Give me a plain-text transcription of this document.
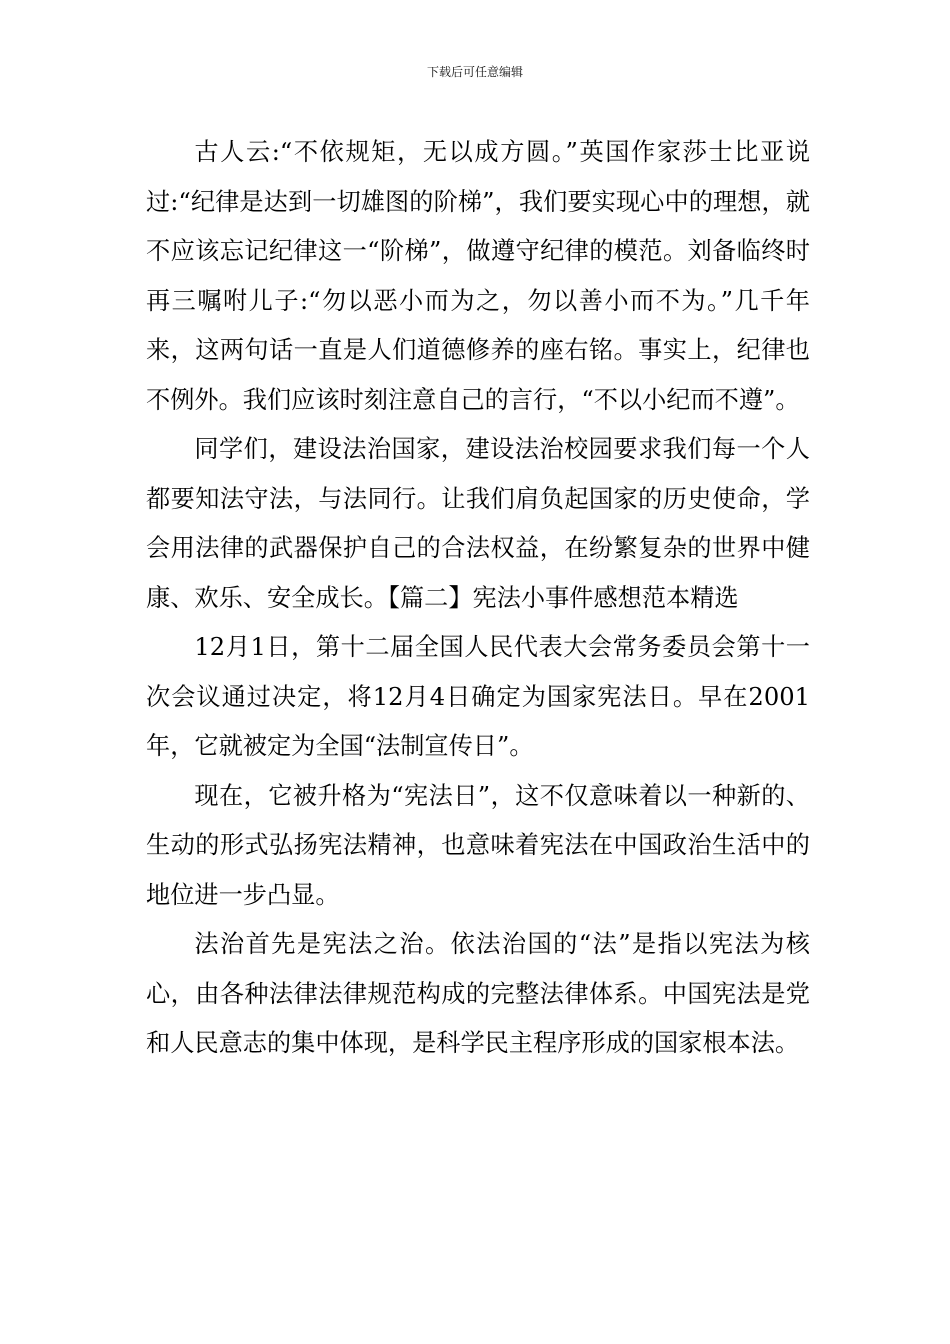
下载后可任意编辑

古人云:“不依规矩，无以成方圆。”英国作家莎士比亚说过:“纪律是达到一切雄图的阶梯”，我们要实现心中的理想，就不应该忘记纪律这一“阶梯”，做遵守纪律的模范。刘备临终时再三嘱咐儿子:“勿以恶小而为之，勿以善小而不为。”几千年来，这两句话一直是人们道德修养的座右铭。事实上，纪律也不例外。我们应该时刻注意自己的言行，“不以小纪而不遵”。

同学们，建设法治国家，建设法治校园要求我们每一个人都要知法守法，与法同行。让我们肩负起国家的历史使命，学会用法律的武器保护自己的合法权益，在纷繁复杂的世界中健康、欢乐、安全成长。【篇二】宪法小事件感想范本精选

12月1日，第十二届全国人民代表大会常务委员会第十一次会议通过决定，将12月4日确定为国家宪法日。早在2001年，它就被定为全国“法制宣传日”。

现在，它被升格为“宪法日”，这不仅意味着以一种新的、生动的形式弘扬宪法精神，也意味着宪法在中国政治生活中的地位进一步凸显。

法治首先是宪法之治。依法治国的“法”是指以宪法为核心，由各种法律法律规范构成的完整法律体系。中国宪法是党和人民意志的集中体现，是科学民主程序形成的国家根本法。
